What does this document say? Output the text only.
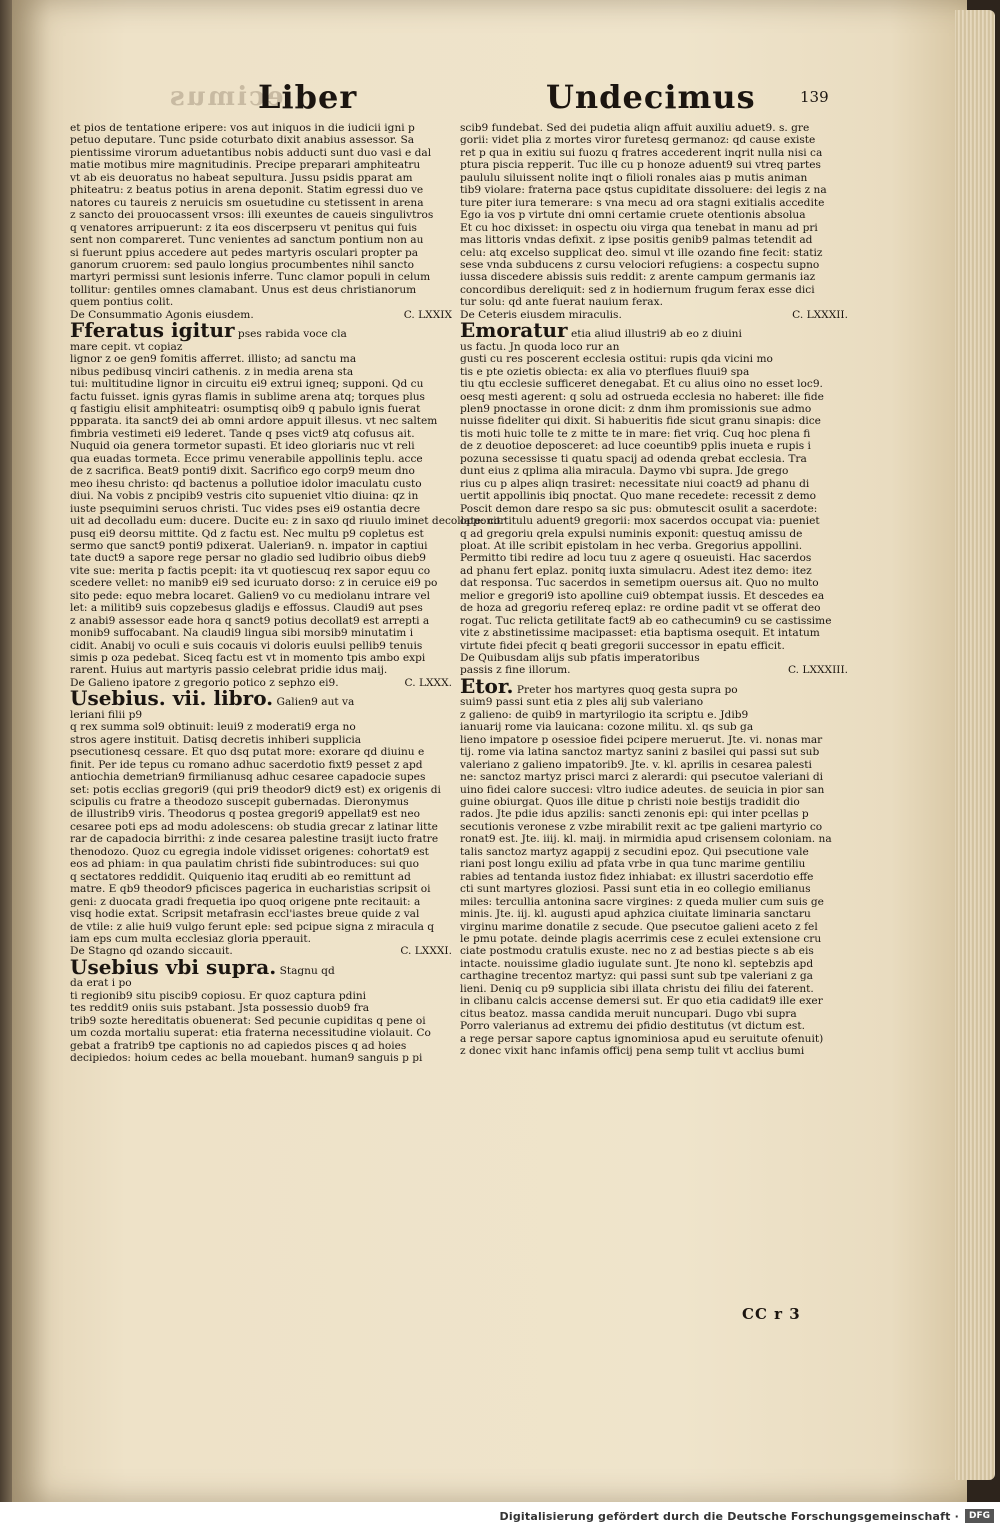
ecimus
Liber	Undecimus	139
et pios de tentatione eripere: vos aut iniquos in die iudicii igni p
petuo deputare. Tunc pside coturbato dixit anabius assessor. Sa
pientissime virorum aduetantibus nobis adducti sunt duo vasi e dal
matie motibus mire magnitudinis. Precipe preparari amphiteatru
vt ab eis deuoratus no habeat sepultura. Jussu psidis pparat am
phiteatru: z beatus potius in arena deponit. Statim egressi duo ve
natores cu taureis z neruicis sm osuetudine cu stetissent in arena
z sancto dei prouocassent vrsos: illi exeuntes de caueis singulivtros
q venatores arripuerunt: z ita eos discerpseru vt penitus qui fuis
sent non compareret. Tunc venientes ad sanctum pontium non au
si fuerunt ppius accedere aut pedes martyris osculari propter pa
ganorum cruorem: sed paulo longius procumbentes nihil sancto
martyri permissi sunt lesionis inferre. Tunc clamor populi in celum
tollitur: gentiles omnes clamabant. Unus est deus christianorum
quem pontius colit.
De Consummatio Agonis eiusdem.	C. LXXIX
Fferatus igitur pses rabida voce cla
mare cepit. vt copiaz
lignor z oe gen9 fomitis afferret. illisto; ad sanctu ma
nibus pedibusq vinciri cathenis. z in media arena sta
tui: multitudine lignor in circuitu ei9 extrui igneq; supponi. Qd cu
factu fuisset. ignis gyras flamis in sublime arena atq; torques plus
q fastigiu elisit amphiteatri: osumptisq oib9 q pabulo ignis fuerat
ppparata. ita sanct9 dei ab omni ardore appuit illesus. vt nec saltem
fimbria vestimeti ei9 lederet. Tande q pses vict9 atq cofusus ait.
Nuquid oia genera tormetor supasti. Et ideo gloriaris nuc vt reli
qua euadas tormeta. Ecce primu venerabile appollinis teplu. acce
de z sacrifica. Beat9 ponti9 dixit. Sacrifico ego corp9 meum dno
meo ihesu christo: qd bactenus a pollutioe idolor imaculatu custo
diui. Na vobis z pncipib9 vestris cito supueniet vltio diuina: qz in
iuste psequimini seruos christi. Tuc vides pses ei9 ostantia decre
uit ad decolladu eum: ducere. Ducite eu: z in saxo qd riuulo iminet decollate: cor
pusq ei9 deorsu mittite. Qd z factu est. Nec multu p9 copletus est
sermo que sanct9 ponti9 pdixerat. Ualerian9. n. impator in captiui
tate duct9 a sapore rege persar no gladio sed ludibrio oibus dieb9
vite sue: merita p factis pcepit: ita vt quotiescuq rex sapor equu co
scedere vellet: no manib9 ei9 sed icuruato dorso: z in ceruice ei9 po
sito pede: equo mebra locaret. Galien9 vo cu mediolanu intrare vel
let: a militib9 suis copzebesus gladijs e effossus. Claudi9 aut pses
z anabi9 assessor eade hora q sanct9 potius decollat9 est arrepti a
monib9 suffocabant. Na claudi9 lingua sibi morsib9 minutatim i
cidit. Anabij vo oculi e suis cocauis vi doloris euulsi pellib9 tenuis
simis p oza pedebat. Siceq factu est vt in momento tpis ambo expi
rarent. Huius aut martyris passio celebrat pridie idus maij.
De Galieno ipatore z gregorio potico z sephzo ei9.	C. LXXX.
Usebius. vii. libro. Galien9 aut va
leriani filii p9
q rex summa sol9 obtinuit: leui9 z moderati9 erga no
stros agere instituit. Datisq decretis inhiberi supplicia
psecutionesq cessare. Et quo dsq putat more: exorare qd diuinu e
finit. Per ide tepus cu romano adhuc sacerdotio fixt9 pesset z apd
antiochia demetrian9 firmilianusq adhuc cesaree capadocie supes
set: potis ecclias gregori9 (qui pri9 theodor9 dict9 est) ex origenis di
scipulis cu fratre a theodozo suscepit gubernadas. Dieronymus
de illustrib9 viris. Theodorus q postea gregori9 appellat9 est neo
cesaree poti eps ad modu adolescens: ob studia grecar z latinar litte
rar de capadocia birrithi: z inde cesarea palestine trasijt iucto fratre
thenodozo. Quoz cu egregia indole vidisset origenes: cohortat9 est
eos ad phiam: in qua paulatim christi fide subintroduces: sui quo
q sectatores reddidit. Quiquenio itaq eruditi ab eo remittunt ad
matre. E qb9 theodor9 pficisces pagerica in eucharistias scripsit oi
geni: z duocata gradi frequetia ipo quoq origene pnte recitauit: a
visq hodie extat. Scripsit metafrasin eccl'iastes breue quide z val
de vtile: z alie hui9 vulgo ferunt eple: sed pcipue signa z miracula q
iam eps cum multa ecclesiaz gloria pperauit.
De Stagno qd ozando siccauit.	C. LXXXI.
Usebius vbi supra. Stagnu qd
da erat i po
ti regionib9 situ piscib9 copiosu. Er quoz captura pdini
tes reddit9 oniis suis pstabant. Jsta possessio duob9 fra
trib9 sozte hereditatis obuenerat: Sed pecunie cupiditas q pene oi
um cozda mortaliu superat: etia fraterna necessitudine violauit. Co
gebat a fratrib9 tpe captionis no ad capiedos pisces q ad hoies
decipiedos: hoium cedes ac bella mouebant. human9 sanguis p pi
scib9 fundebat. Sed dei pudetia aliqn affuit auxiliu aduet9. s. gre
gorii: videt plia z mortes viror furetesq germanoz: qd cause existe
ret p qua in exitiu sui fuozu q fratres accederent inqrit nulla nisi ca
ptura piscia repperit. Tuc ille cu p honoze aduent9 sui vtreq partes
paululu siluissent nolite inqt o filioli ronales aias p mutis animan
tib9 violare: fraterna pace qstus cupiditate dissoluere: dei legis z na
ture piter iura temerare: s vna mecu ad ora stagni exitialis accedite
Ego ia vos p virtute dni omni certamie cruete otentionis absolua
Et cu hoc dixisset: in ospectu oiu virga qua tenebat in manu ad pri
mas littoris vndas defixit. z ipse positis genib9 palmas tetendit ad
celu: atq excelso supplicat deo. simul vt ille ozando fine fecit: statiz
sese vnda subducens z cursu velociori refugiens: a cospectu supno
iussa discedere abissis suis reddit: z arente campum germanis iaz
concordibus dereliquit: sed z in hodiernum frugum ferax esse dici
tur solu: qd ante fuerat nauium ferax.
De Ceteris eiusdem miraculis.	C. LXXXII.
Emoratur etia aliud illustri9 ab eo z diuini
us factu. Jn quoda loco rur an
gusti cu res poscerent ecclesia ostitui: rupis qda vicini mo
tis e pte ozietis obiecta: ex alia vo pterflues fluui9 spa
tiu qtu ecclesie sufficeret denegabat. Et cu alius oino no esset loc9.
oesq mesti agerent: q solu ad ostrueda ecclesia no haberet: ille fide
plen9 pnoctasse in orone dicit: z dnm ihm promissionis sue admo
nuisse fideliter qui dixit. Si habueritis fide sicut granu sinapis: dice
tis moti huic tolle te z mitte te in mare: fiet vriq. Cuq hoc plena fi
de z deuotioe deposceret: ad luce coeuntib9 pplis inueta e rupis i
pozuna secessisse ti quatu spacij ad odenda qrebat ecclesia. Tra
dunt eius z qplima alia miracula. Daymo vbi supra. Jde grego
rius cu p alpes aliqn trasiret: necessitate niui coact9 ad phanu di
uertit appollinis ibiq pnoctat. Quo mane recedete: recessit z demo
Poscit demon dare respo sa sic pus: obmutescit osulit a sacerdote:
opponit titulu aduent9 gregorii: mox sacerdos occupat via: pueniet
q ad gregoriu qrela expulsi numinis exponit: questuq amissu de
ploat. At ille scribit epistolam in hec verba. Gregorius appollini.
Permitto tibi redire ad locu tuu z agere q osueuisti. Hac sacerdos
ad phanu fert eplaz. ponitq iuxta simulacru. Adest itez demo: itez
dat responsa. Tuc sacerdos in semetipm ouersus ait. Quo no multo
melior e gregori9 isto apolline cui9 obtempat iussis. Et descedes ea
de hoza ad gregoriu refereq eplaz: re ordine padit vt se offerat deo
rogat. Tuc relicta getilitate fact9 ab eo cathecumin9 cu se castissime
vite z abstinetissime macipasset: etia baptisma osequit. Et intatum
virtute fidei pfecit q beati gregorii successor in epatu efficit.
De Quibusdam alijs sub pfatis imperatoribus
passis z fine illorum.	C. LXXXIII.
Etor. Preter hos martyres quoq gesta supra po
suim9 passi sunt etia z ples alij sub valeriano
z galieno: de quib9 in martyrilogio ita scriptu e. Jdib9
ianuarij rome via lauicana: cozone militu. xl. qs sub ga
lieno impatore p osessioe fidei pcipere meruerut. Jte. vi. nonas mar
tij. rome via latina sanctoz martyz sanini z basilei qui passi sut sub
valeriano z galieno impatorib9. Jte. v. kl. aprilis in cesarea palesti
ne: sanctoz martyz prisci marci z alerardi: qui psecutoe valeriani di
uino fidei calore succesi: vltro iudice adeutes. de seuicia in pior san
guine obiurgat. Quos ille ditue p christi noie bestijs tradidit dio
rados. Jte pdie idus apzilis: sancti zenonis epi: qui inter pcellas p
secutionis veronese z vzbe mirabilit rexit ac tpe galieni martyrio co
ronat9 est. Jte. iiij. kl. maij. in mirmidia apud crisensem coloniam. na
talis sanctoz martyz agappij z secudini epoz. Qui psecutione vale
riani post longu exiliu ad pfata vrbe in qua tunc marime gentiliu
rabies ad tentanda iustoz fidez inhiabat: ex illustri sacerdotio effe
cti sunt martyres gloziosi. Passi sunt etia in eo collegio emilianus
miles: tercullia antonina sacre virgines: z queda mulier cum suis ge
minis. Jte. iij. kl. augusti apud aphzica ciuitate liminaria sanctaru
virginu marime donatile z secude. Que psecutoe galieni aceto z fel
le pmu potate. deinde plagis acerrimis cese z eculei extensione cru
ciate postmodu cratulis exuste. nec no z ad bestias piecte s ab eis
intacte. nouissime gladio iugulate sunt. Jte nono kl. septebzis apd
carthagine trecentoz martyz: qui passi sunt sub tpe valeriani z ga
lieni. Deniq cu p9 supplicia sibi illata christu dei filiu dei faterent.
in clibanu calcis accense demersi sut. Er quo etia cadidat9 ille exer
citus beatoz. massa candida meruit nuncupari. Dugo vbi supra
Porro valerianus ad extremu dei pfidio destitutus (vt dictum est.
a rege persar sapore captus ignominiosa apud eu seruitute ofenuit)
z donec vixit hanc infamis officij pena semp tulit vt acclius bumi
CC r 3
Digitalisierung gefördert durch die Deutsche Forschungsgemeinschaft ·	DFG
